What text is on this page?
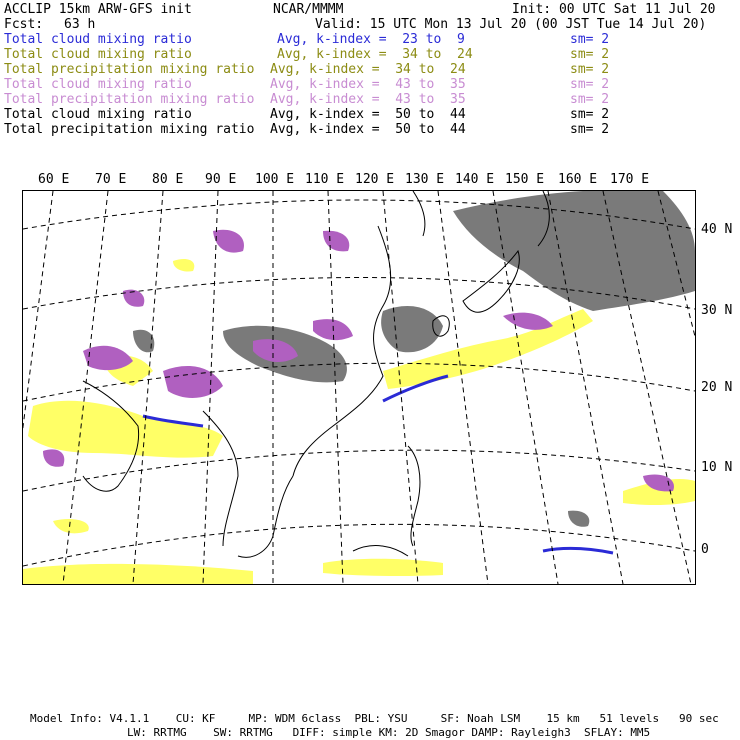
ACCLIP 15km ARW-GFS init	NCAR/MMMM	Init: 00 UTC Sat 11 Jul 20
Fcst: 63 h	Valid: 15 UTC Mon 13 Jul 20 (00 JST Tue 14 Jul 20)
Total cloud mixing ratio	Avg, k-index =  23 to  9	sm= 2
Total cloud mixing ratio	Avg, k-index =  34 to  24	sm= 2
Total precipitation mixing ratio Avg, k-index =  34 to  24	sm= 2
Total cloud mixing ratio	Avg, k-index =  43 to  35	sm= 2
Total precipitation mixing ratio Avg, k-index =  43 to  35	sm= 2
Total cloud mixing ratio	Avg, k-index =  50 to  44	sm= 2
Total precipitation mixing ratio Avg, k-index =  50 to  44	sm= 2
60 E 70 E 80 E 90 E 100 E 110 E 120 E 130 E 140 E 150 E 160 E 170 E
40 N
30 N
20 N
10 N
0
Model Info: V4.1.1    CU: KF     MP: WDM 6class  PBL: YSU     SF: Noah LSM    15 km   51 levels   90 sec
LW: RRTMG    SW: RRTMG   DIFF: simple KM: 2D Smagor DAMP: Rayleigh3  SFLAY: MM5
